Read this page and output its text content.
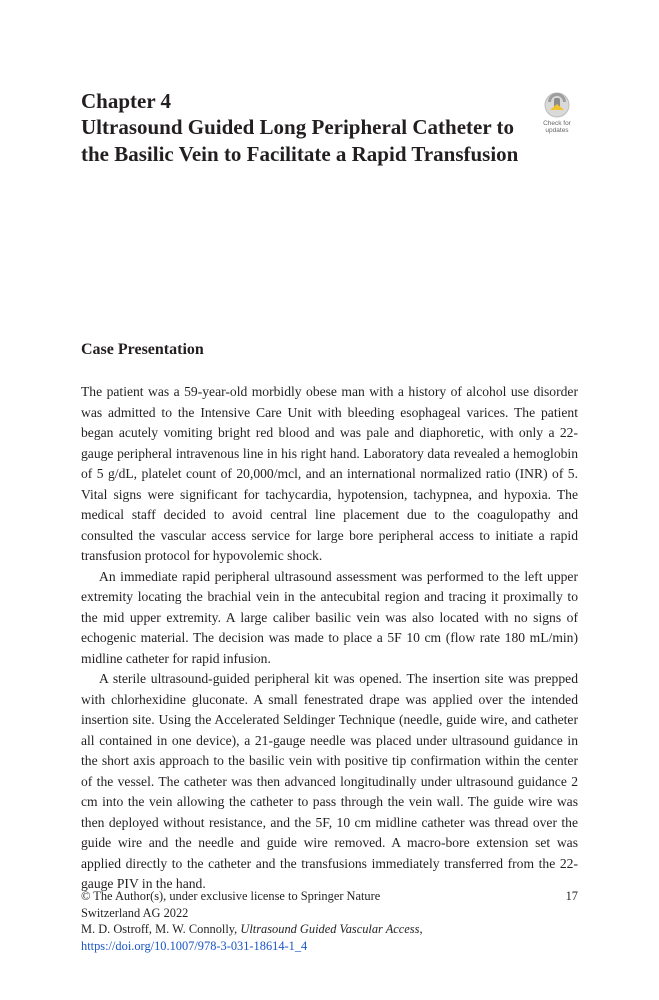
Chapter 4
Ultrasound Guided Long Peripheral Catheter to the Basilic Vein to Facilitate a Rapid Transfusion
Check for
updates
Case Presentation

The patient was a 59-year-old morbidly obese man with a history of alcohol use disorder was admitted to the Intensive Care Unit with bleeding esophageal varices. The patient began acutely vomiting bright red blood and was pale and diaphoretic, with only a 22-gauge peripheral intravenous line in his right hand. Laboratory data revealed a hemoglobin of 5 g/dL, platelet count of 20,000/mcl, and an international normalized ratio (INR) of 5. Vital signs were significant for tachycardia, hypotension, tachypnea, and hypoxia. The medical staff decided to avoid central line placement due to the coagulopathy and consulted the vascular access service for large bore peripheral access to initiate a rapid transfusion protocol for hypovolemic shock.

An immediate rapid peripheral ultrasound assessment was performed to the left upper extremity locating the brachial vein in the antecubital region and tracing it proximally to the mid upper extremity. A large caliber basilic vein was also located with no signs of echogenic material. The decision was made to place a 5F 10 cm (flow rate 180 mL/min) midline catheter for rapid infusion.

A sterile ultrasound-guided peripheral kit was opened. The insertion site was prepped with chlorhexidine gluconate. A small fenestrated drape was applied over the intended insertion site. Using the Accelerated Seldinger Technique (needle, guide wire, and catheter all contained in one device), a 21-gauge needle was placed under ultrasound guidance in the short axis approach to the basilic vein with positive tip confirmation within the center of the vessel. The catheter was then advanced longitudinally under ultrasound guidance 2 cm into the vein allowing the catheter to pass through the vein wall. The guide wire was then deployed without resistance, and the 5F, 10 cm midline catheter was thread over the guide wire and the needle and guide wire removed. A macro-bore extension set was applied directly to the catheter and the transfusions immediately transferred from the 22-gauge PIV in the hand.

© The Author(s), under exclusive license to Springer Nature	17
Switzerland AG 2022
M. D. Ostroff, M. W. Connolly, Ultrasound Guided Vascular Access,
https://doi.org/10.1007/978-3-031-18614-1_4
